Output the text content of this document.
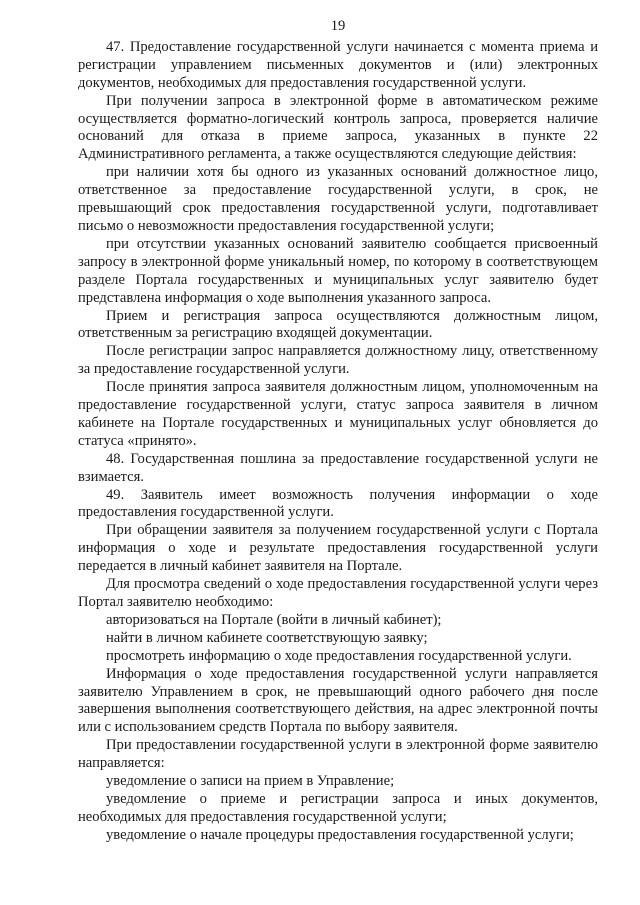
19

47. Предоставление государственной услуги начинается с момента приема и регистрации управлением письменных документов и (или) электронных документов, необходимых для предоставления государственной услуги.

При получении запроса в электронной форме в автоматическом режиме осуществляется форматно-логический контроль запроса, проверяется наличие оснований для отказа в приеме запроса, указанных в пункте 22 Административного регламента, а также осуществляются следующие действия:

при наличии хотя бы одного из указанных оснований должностное лицо, ответственное за предоставление государственной услуги, в срок, не превышающий срок предоставления государственной услуги, подготавливает письмо о невозможности предоставления государственной услуги;

при отсутствии указанных оснований заявителю сообщается присвоенный запросу в электронной форме уникальный номер, по которому в соответствующем разделе Портала государственных и муниципальных услуг заявителю будет представлена информация о ходе выполнения указанного запроса.

Прием и регистрация запроса осуществляются должностным лицом, ответственным за регистрацию входящей документации.

После регистрации запрос направляется должностному лицу, ответственному за предоставление государственной услуги.

После принятия запроса заявителя должностным лицом, уполномоченным на предоставление государственной услуги, статус запроса заявителя в личном кабинете на Портале государственных и муниципальных услуг обновляется до статуса «принято».

48. Государственная пошлина за предоставление государственной услуги не взимается.

49. Заявитель имеет возможность получения информации о ходе предоставления государственной услуги.

При обращении заявителя за получением государственной услуги с Портала информация о ходе и результате предоставления государственной услуги передается в личный кабинет заявителя на Портале.

Для просмотра сведений о ходе предоставления государственной услуги через Портал заявителю необходимо:

авторизоваться на Портале (войти в личный кабинет);

найти в личном кабинете соответствующую заявку;

просмотреть информацию о ходе предоставления государственной услуги.

Информация о ходе предоставления государственной услуги направляется заявителю Управлением в срок, не превышающий одного рабочего дня после завершения выполнения соответствующего действия, на адрес электронной почты или с использованием средств Портала по выбору заявителя.

При предоставлении государственной услуги в электронной форме заявителю направляется:

уведомление о записи на прием в Управление;

уведомление о приеме и регистрации запроса и иных документов, необходимых для предоставления государственной услуги;

уведомление о начале процедуры предоставления государственной услуги;
